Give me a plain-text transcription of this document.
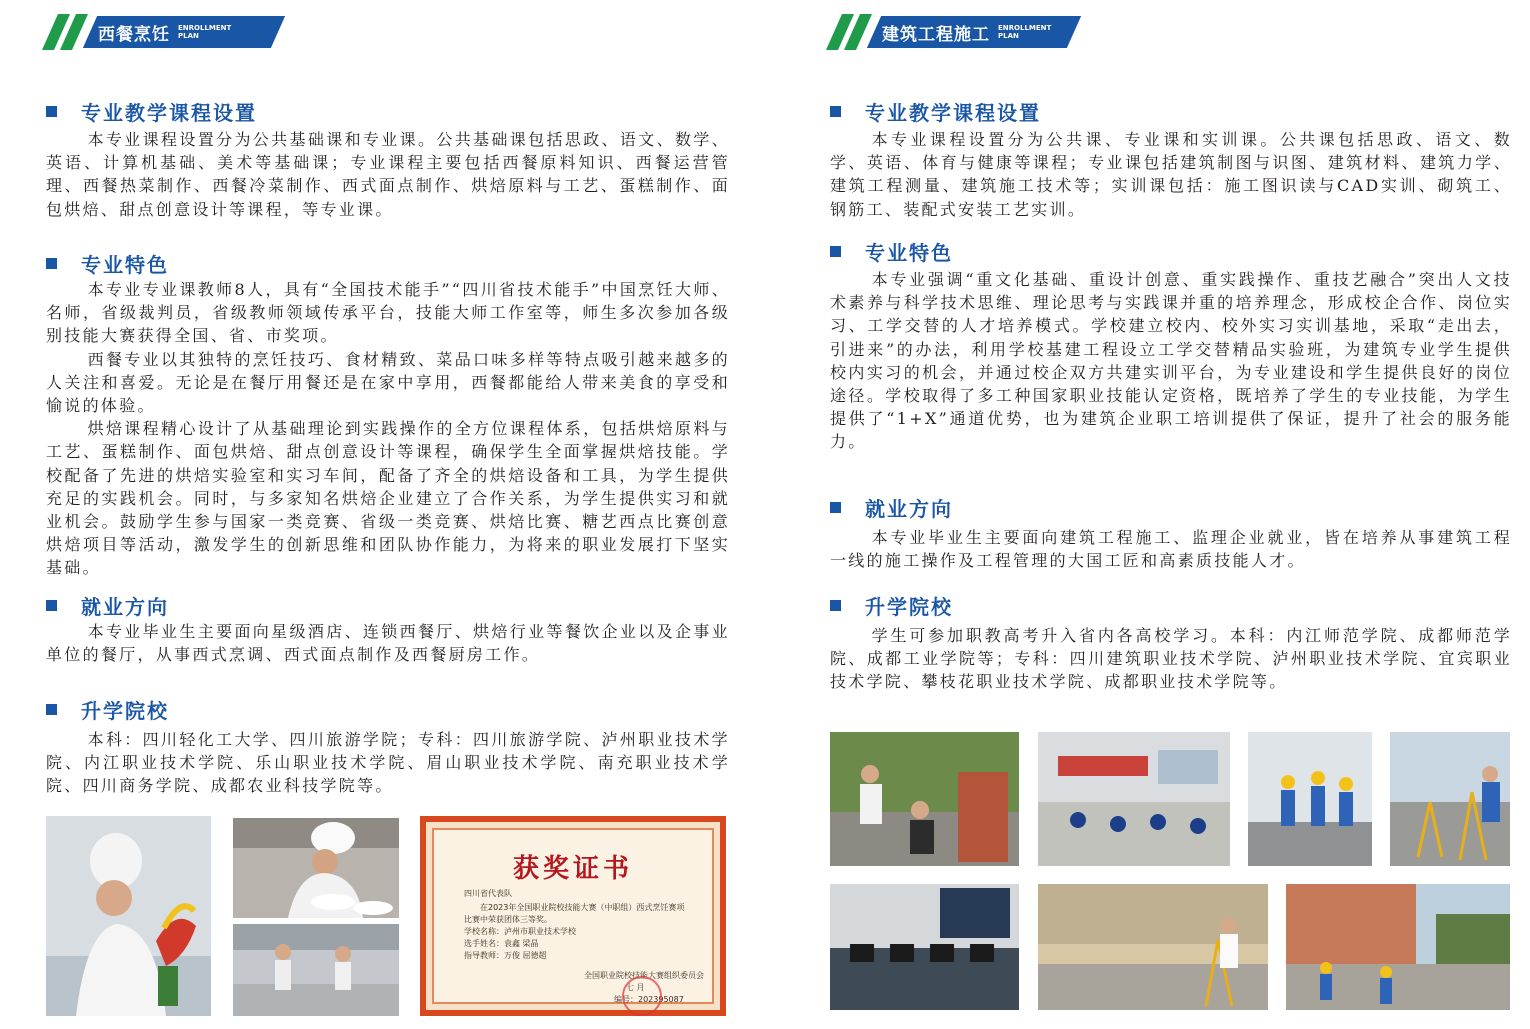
西餐烹饪 ENROLLMENT PLAN
专业教学课程设置

本专业课程设置分为公共基础课和专业课。公共基础课包括思政、语文、数学、英语、计算机基础、美术等基础课；专业课程主要包括西餐原料知识、西餐运营管理、西餐热菜制作、西餐冷菜制作、西式面点制作、烘焙原料与工艺、蛋糕制作、面包烘焙、甜点创意设计等课程，等专业课。

专业特色

本专业专业课教师8人，具有“全国技术能手”“四川省技术能手”中国烹饪大师、名师，省级裁判员，省级教师领域传承平台，技能大师工作室等，师生多次参加各级别技能大赛获得全国、省、市奖项。

西餐专业以其独特的烹饪技巧、食材精致、菜品口味多样等特点吸引越来越多的人关注和喜爱。无论是在餐厅用餐还是在家中享用，西餐都能给人带来美食的享受和愉说的体验。

烘焙课程精心设计了从基础理论到实践操作的全方位课程体系，包括烘焙原料与工艺、蛋糕制作、面包烘焙、甜点创意设计等课程，确保学生全面掌握烘焙技能。学校配备了先进的烘焙实验室和实习车间，配备了齐全的烘焙设备和工具，为学生提供充足的实践机会。同时，与多家知名烘焙企业建立了合作关系，为学生提供实习和就业机会。鼓励学生参与国家一类竞赛、省级一类竞赛、烘焙比赛、糖艺西点比赛创意烘焙项目等活动，激发学生的创新思维和团队协作能力，为将来的职业发展打下坚实基础。

就业方向

本专业毕业生主要面向星级酒店、连锁西餐厅、烘焙行业等餐饮企业以及企事业单位的餐厅，从事西式烹调、西式面点制作及西餐厨房工作。

升学院校

本科：四川轻化工大学、四川旅游学院；专科：四川旅游学院、泸州职业技术学院、内江职业技术学院、乐山职业技术学院、眉山职业技术学院、南充职业技术学院、四川商务学院、成都农业科技学院等。

获奖证书
四川省代表队
在2023年全国职业院校技能大赛（中职组）西式烹饪赛项
比赛中荣获团体三等奖。
学校名称：泸州市职业技术学校
选手姓名：袁鑫 梁晶
指导教师：万俊 屈德超
全国职业院校技能大赛组织委员会
七 月
编号：202395087
建筑工程施工 ENROLLMENT PLAN
专业教学课程设置

本专业课程设置分为公共课、专业课和实训课。公共课包括思政、语文、数学、英语、体育与健康等课程；专业课包括建筑制图与识图、建筑材料、建筑力学、建筑工程测量、建筑施工技术等；实训课包括：施工图识读与CAD实训、砌筑工、钢筋工、装配式安装工艺实训。

专业特色

本专业强调“重文化基础、重设计创意、重实践操作、重技艺融合”突出人文技术素养与科学技术思维、理论思考与实践课并重的培养理念，形成校企合作、岗位实习、工学交替的人才培养模式。学校建立校内、校外实习实训基地，采取“走出去，引进来”的办法，利用学校基建工程设立工学交替精品实验班，为建筑专业学生提供校内实习的机会，并通过校企双方共建实训平台，为专业建设和学生提供良好的岗位途径。学校取得了多工种国家职业技能认定资格，既培养了学生的专业技能，为学生提供了“1+X”通道优势，也为建筑企业职工培训提供了保证，提升了社会的服务能力。

就业方向

本专业毕业生主要面向建筑工程施工、监理企业就业，皆在培养从事建筑工程一线的施工操作及工程管理的大国工匠和高素质技能人才。

升学院校

学生可参加职教高考升入省内各高校学习。本科：内江师范学院、成都师范学院、成都工业学院等；专科：四川建筑职业技术学院、泸州职业技术学院、宜宾职业技术学院、攀枝花职业技术学院、成都职业技术学院等。
